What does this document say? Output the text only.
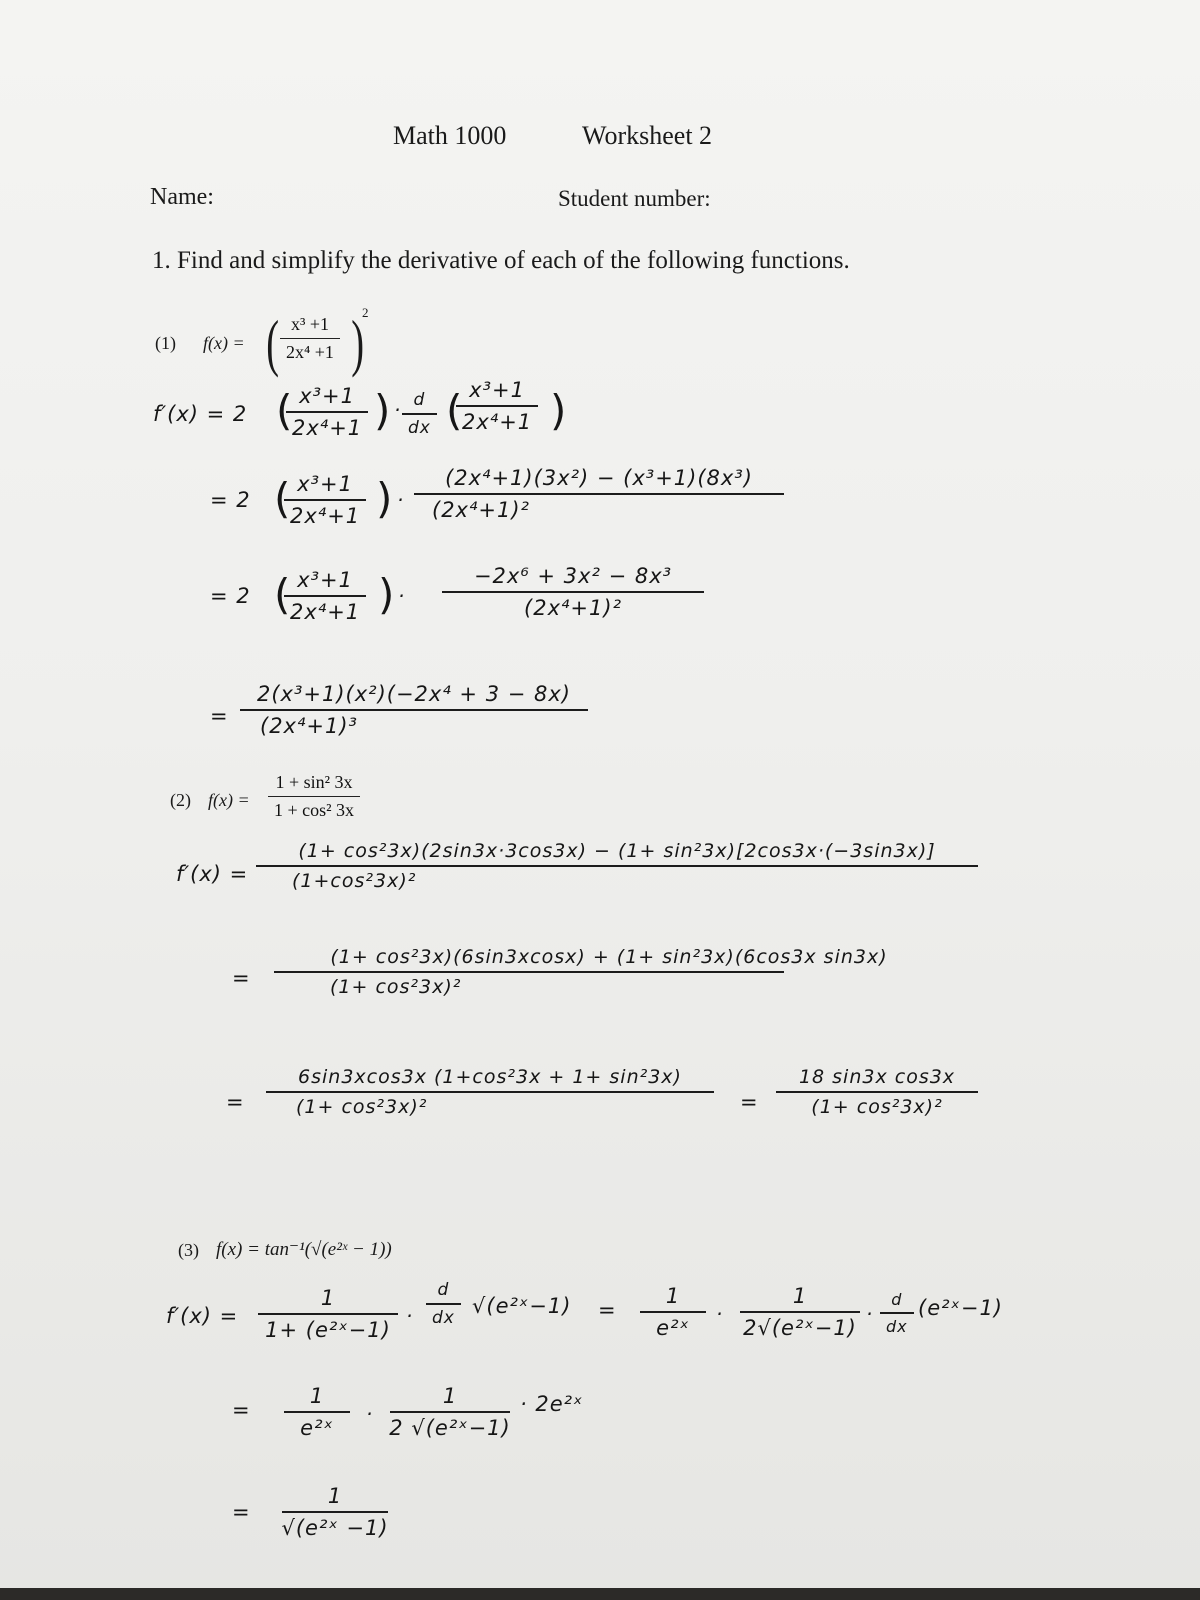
Math 1000	Worksheet 2
Name:	Student number:
1. Find and simplify the derivative of each of the following functions.
(1) f(x) = ( x³ +1
2x⁴ +1 )
2
f′(x) = 2 ( x³+1
2x⁴+1 ) · d
dx ( x³+1
2x⁴+1 )
= 2 ( x³+1
2x⁴+1 ) ·
(2x⁴+1)(3x²) − (x³+1)(8x³)
(2x⁴+1)²
= 2 ( x³+1
2x⁴+1 ) ·
−2x⁶ + 3x² − 8x³
(2x⁴+1)²
=
2(x³+1)(x²)(−2x⁴ + 3 − 8x)
(2x⁴+1)³
(2) f(x) =
1 + sin² 3x
1 + cos² 3x
f′(x) =
(1+ cos²3x)(2sin3x·3cos3x) − (1+ sin²3x)[2cos3x·(−3sin3x)]
(1+cos²3x)²
=
(1+ cos²3x)(6sin3xcosx) + (1+ sin²3x)(6cos3x sin3x)
(1+ cos²3x)²
=
6sin3xcos3x (1+cos²3x + 1+ sin²3x)
(1+ cos²3x)²	=
18 sin3x cos3x
(1+ cos²3x)²
(3) f(x) = tan⁻¹(√(e²ˣ − 1))
f′(x) =
1
1+ (e²ˣ−1)
·
d
dx √(e²ˣ−1) =
1
e²ˣ
·
1
2√(e²ˣ−1)
·
d
dx
(e²ˣ−1)
=
1
e²ˣ
·
1
2 √(e²ˣ−1)
· 2e²ˣ
=
1
√(e²ˣ −1)
